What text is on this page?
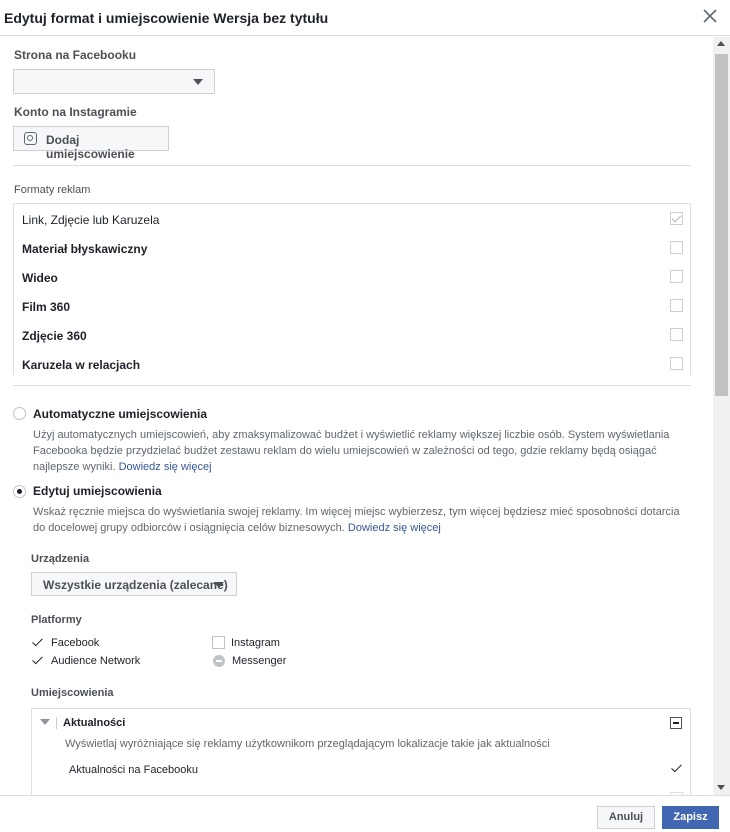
Edytuj format i umiejscowienie Wersja bez tytułu
Strona na Facebooku
Konto na Instagramie
Dodaj umiejscowienie
Formaty reklam
Link, Zdjęcie lub Karuzela
Materiał błyskawiczny
Wideo
Film 360
Zdjęcie 360
Karuzela w relacjach
Automatyczne umiejscowienia
Użyj automatycznych umiejscowień, aby zmaksymalizować budżet i wyświetlić reklamy większej liczbie osób. System wyświetlania Facebooka będzie przydzielać budżet zestawu reklam do wielu umiejscowień w zależności od tego, gdzie reklamy będą osiągać najlepsze wyniki. Dowiedz się więcej
Edytuj umiejscowienia
Wskaż ręcznie miejsca do wyświetlania swojej reklamy. Im więcej miejsc wybierzesz, tym więcej będziesz mieć sposobności dotarcia do docelowej grupy odbiorców i osiągnięcia celów biznesowych. Dowiedz się więcej
Urządzenia
Wszystkie urządzenia (zalecane)
Platformy
Facebook	Instagram
Audience Network	Messenger
Umiejscowienia
Aktualności
Wyświetlaj wyróżniające się reklamy użytkownikom przeglądającym lokalizacje takie jak aktualności
Aktualności na Facebooku
Anuluj	Zapisz
